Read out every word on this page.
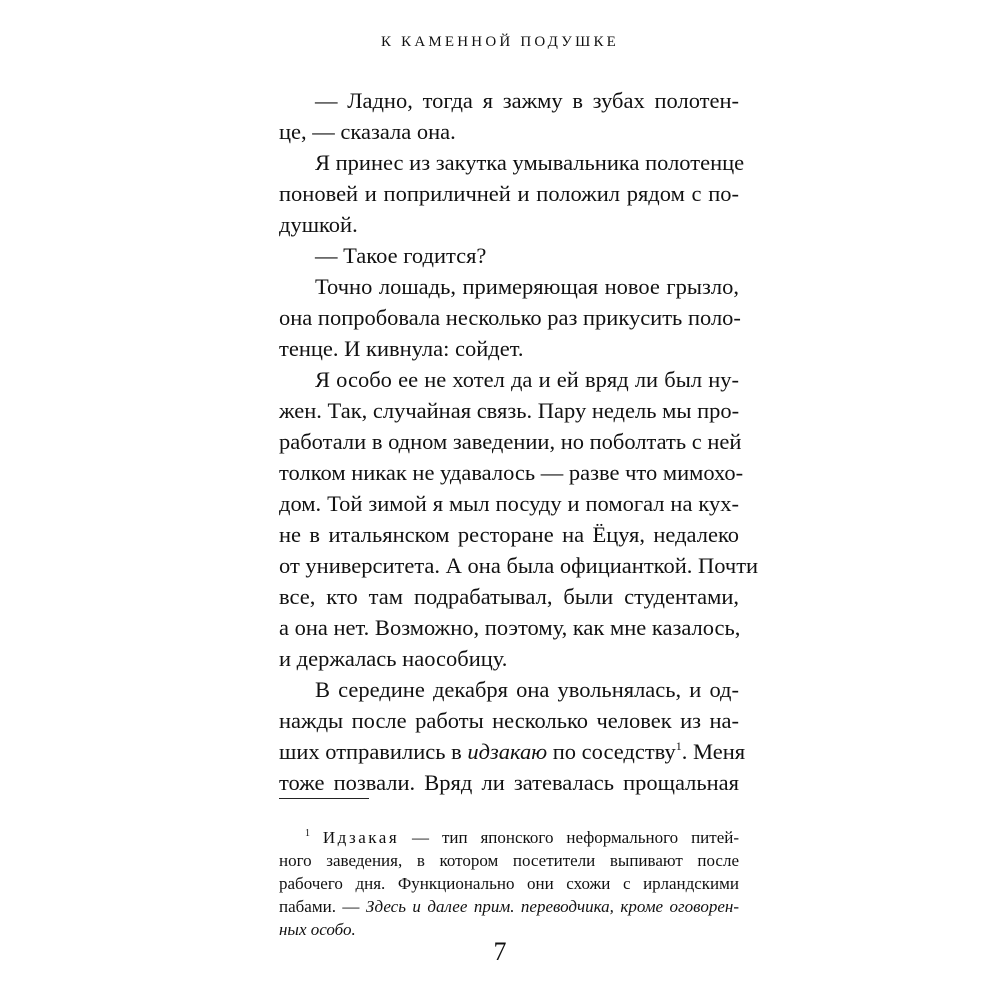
К КАМЕННОЙ ПОДУШКЕ
— Ладно, тогда я зажму в зубах полотен-
це, — сказала она.
Я принес из закутка умывальника полотенце
поновей и поприличней и положил рядом с по-
душкой.
— Такое годится?
Точно лошадь, примеряющая новое грызло,
она попробовала несколько раз прикусить поло-
тенце. И кивнула: сойдет.
Я особо ее не хотел да и ей вряд ли был ну-
жен. Так, случайная связь. Пару недель мы про-
работали в одном заведении, но поболтать с ней
толком никак не удавалось — разве что мимохо-
дом. Той зимой я мыл посуду и помогал на кух-
не в итальянском ресторане на Ёцуя, недалеко
от университета. А она была официанткой. Почти
все, кто там подрабатывал, были студентами,
а она нет. Возможно, поэтому, как мне казалось,
и держалась наособицу.
В середине декабря она увольнялась, и од-
нажды после работы несколько человек из на-
ших отправились в идзакаю по соседству$^1$. Меня
тоже позвали. Вряд ли затевалась прощальная
$^1$ Идзакая — тип японского неформального питей-
ного заведения, в котором посетители выпивают после
рабочего дня. Функционально они схожи с ирландскими
пабами. — Здесь и далее прим. переводчика, кроме оговорен-
ных особо.
7
